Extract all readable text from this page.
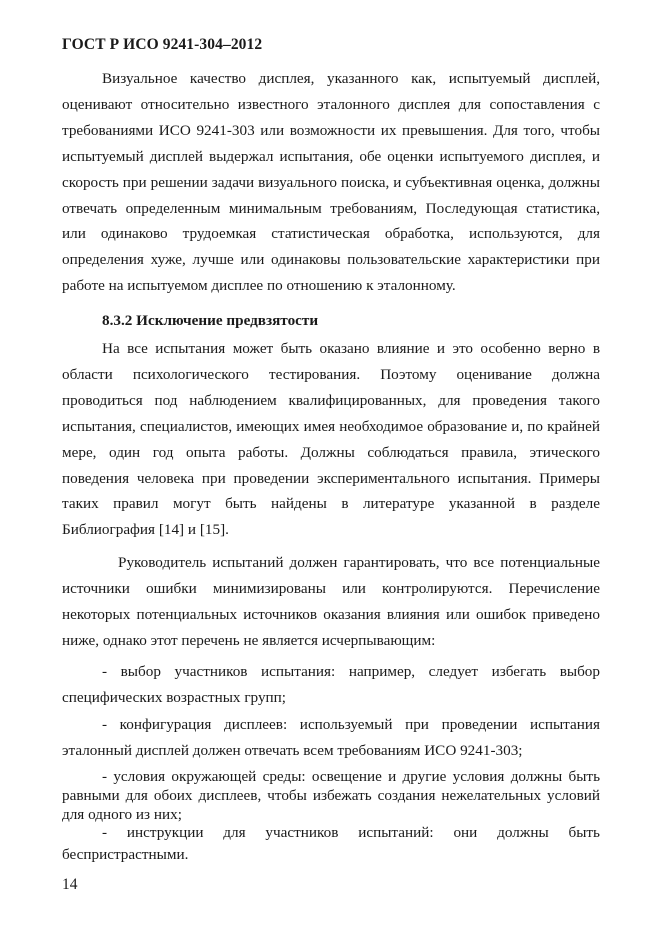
ГОСТ Р ИСО 9241-304–2012

Визуальное качество дисплея, указанного как, испытуемый дисплей, оценивают относительно известного эталонного дисплея для сопоставления с требованиями ИСО 9241-303 или возможности их превышения. Для того, чтобы испытуемый дисплей выдержал испытания, обе оценки испытуемого дисплея, и скорость при решении задачи визуального поиска, и субъективная оценка, должны отвечать определенным минимальным требованиям, Последующая статистика, или одинаково трудоемкая статистическая обработка, используются, для определения хуже, лучше или одинаковы пользовательские характеристики при работе на испытуемом дисплее по отношению к эталонному.

8.3.2 Исключение предвзятости

На все испытания может быть оказано влияние и это особенно верно в области психологического тестирования. Поэтому оценивание должна проводиться под наблюдением квалифицированных, для проведения такого испытания, специалистов, имеющих имея необходимое образование и, по крайней мере, один год опыта работы. Должны соблюдаться правила, этического поведения человека при проведении экспериментального испытания. Примеры таких правил могут быть найдены в литературе указанной в разделе Библиография [14] и [15].

Руководитель испытаний должен гарантировать, что все потенциальные источники ошибки минимизированы или контролируются. Перечисление некоторых потенциальных источников оказания влияния или ошибок приведено ниже, однако этот перечень не является исчерпывающим:

- выбор участников испытания: например, следует избегать выбор специфических возрастных групп;

- конфигурация дисплеев: используемый при проведении испытания эталонный дисплей должен отвечать всем требованиям ИСО 9241-303;

- условия окружающей среды: освещение и другие условия должны быть равными для обоих дисплеев, чтобы избежать создания нежелательных условий для одного из них;

- инструкции для участников испытаний: они должны быть
беспристрастными.
14
